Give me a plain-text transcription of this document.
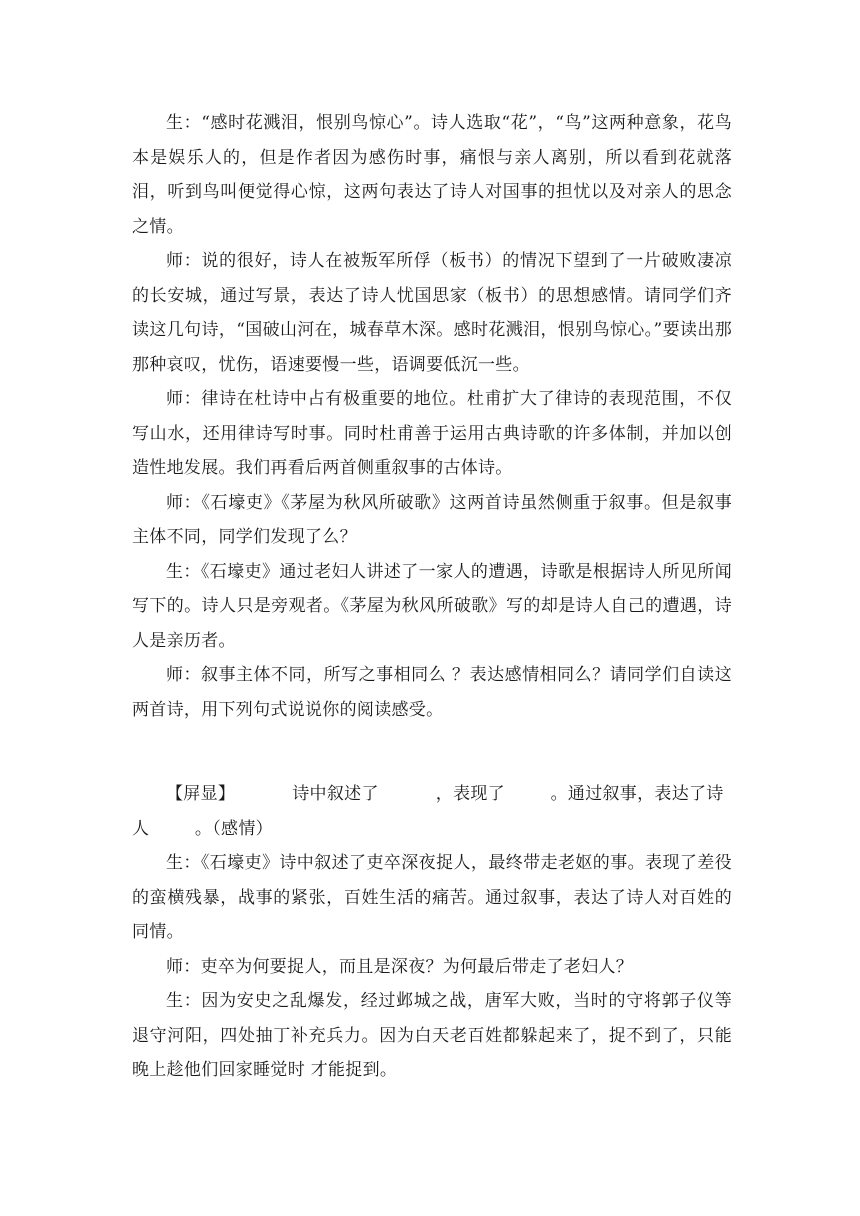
生：“感时花溅泪，恨别鸟惊心”。诗人选取“花”，“鸟”这两种意象，花鸟本是娱乐人的，但是作者因为感伤时事，痛恨与亲人离别，所以看到花就落泪，听到鸟叫便觉得心惊，这两句表达了诗人对国事的担忧以及对亲人的思念之情。

师：说的很好，诗人在被叛军所俘（板书）的情况下望到了一片破败凄凉的长安城，通过写景，表达了诗人忧国思家（板书）的思想感情。请同学们齐读这几句诗，“国破山河在，城春草木深。感时花溅泪，恨别鸟惊心。”要读出那那种哀叹，忧伤，语速要慢一些，语调要低沉一些。

师：律诗在杜诗中占有极重要的地位。杜甫扩大了律诗的表现范围，不仅写山水，还用律诗写时事。同时杜甫善于运用古典诗歌的许多体制，并加以创造性地发展。我们再看后两首侧重叙事的古体诗。

师：《石壕吏》《茅屋为秋风所破歌》这两首诗虽然侧重于叙事。但是叙事主体不同，同学们发现了么？

生：《石壕吏》通过老妇人讲述了一家人的遭遇，诗歌是根据诗人所见所闻写下的。诗人只是旁观者。《茅屋为秋风所破歌》写的却是诗人自己的遭遇，诗人是亲历者。

师：叙事主体不同，所写之事相同么 ？表达感情相同么？请同学们自读这两首诗，用下列句式说说你的阅读感受。

【屏显】          诗中叙述了          ，表现了        。通过叙事，表达了诗

人        。（感情）

生：《石壕吏》诗中叙述了吏卒深夜捉人，最终带走老妪的事。表现了差役的蛮横残暴，战事的紧张，百姓生活的痛苦。通过叙事，表达了诗人对百姓的同情。

师：吏卒为何要捉人，而且是深夜？为何最后带走了老妇人？

生：因为安史之乱爆发，经过邺城之战，唐军大败，当时的守将郭子仪等退守河阳，四处抽丁补充兵力。因为白天老百姓都躲起来了，捉不到了，只能晚上趁他们回家睡觉时 才能捉到。
